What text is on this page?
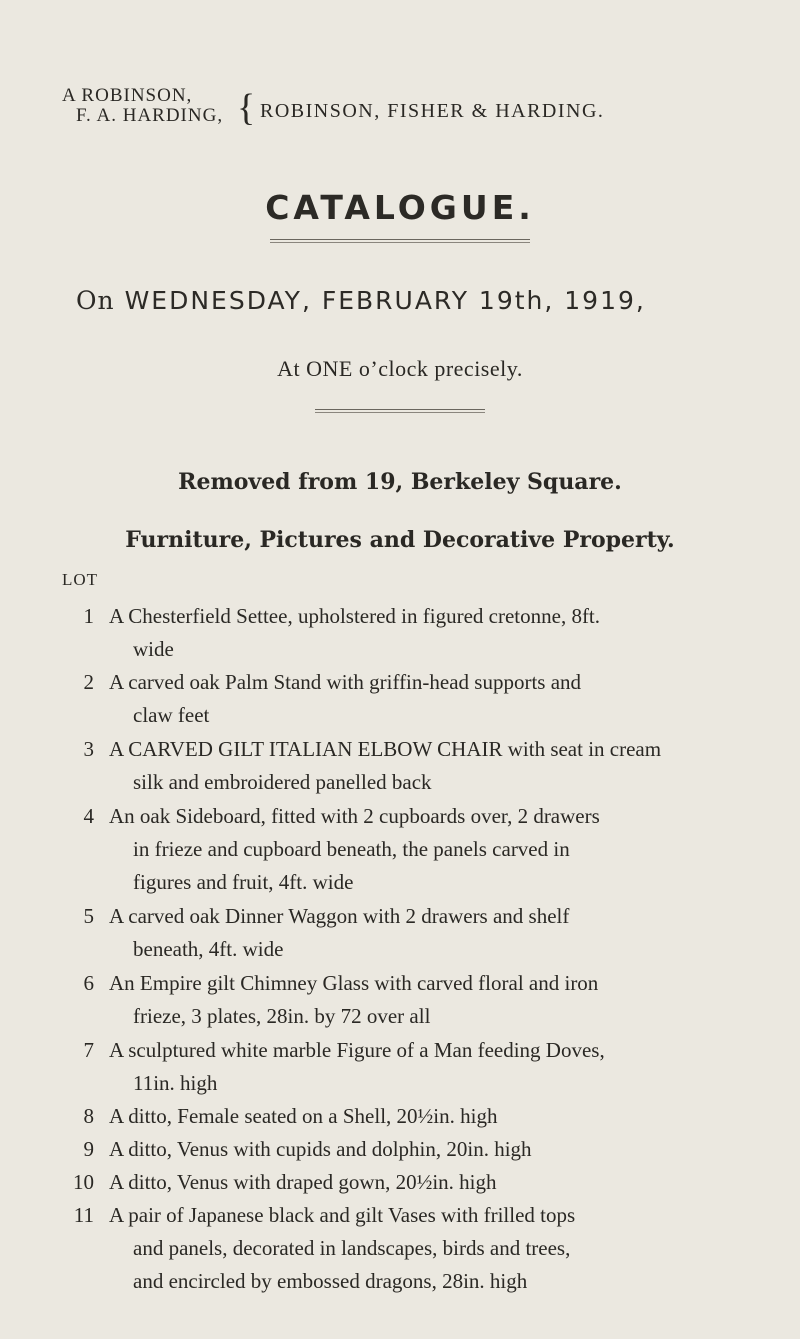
A ROBINSON,
F. A. HARDING, { ROBINSON, FISHER & HARDING.
CATALOGUE.
On WEDNESDAY, FEBRUARY 19th, 1919,
At ONE o’clock precisely.
Removed from 19, Berkeley Square.
Furniture, Pictures and Decorative Property.
LOT
1 A Chesterfield Settee, upholstered in figured cretonne, 8ft.
wide
2 A carved oak Palm Stand with griffin-head supports and
claw feet
3 A CARVED GILT ITALIAN ELBOW CHAIR with seat in cream
silk and embroidered panelled back
4 An oak Sideboard, fitted with 2 cupboards over, 2 drawers
in frieze and cupboard beneath, the panels carved in
figures and fruit, 4ft. wide
5 A carved oak Dinner Waggon with 2 drawers and shelf
beneath, 4ft. wide
6 An Empire gilt Chimney Glass with carved floral and iron
frieze, 3 plates, 28in. by 72 over all
7 A sculptured white marble Figure of a Man feeding Doves,
11in. high
8 A ditto, Female seated on a Shell, 20½in. high
9 A ditto, Venus with cupids and dolphin, 20in. high
10 A ditto, Venus with draped gown, 20½in. high
11 A pair of Japanese black and gilt Vases with frilled tops
and panels, decorated in landscapes, birds and trees,
and encircled by embossed dragons, 28in. high
